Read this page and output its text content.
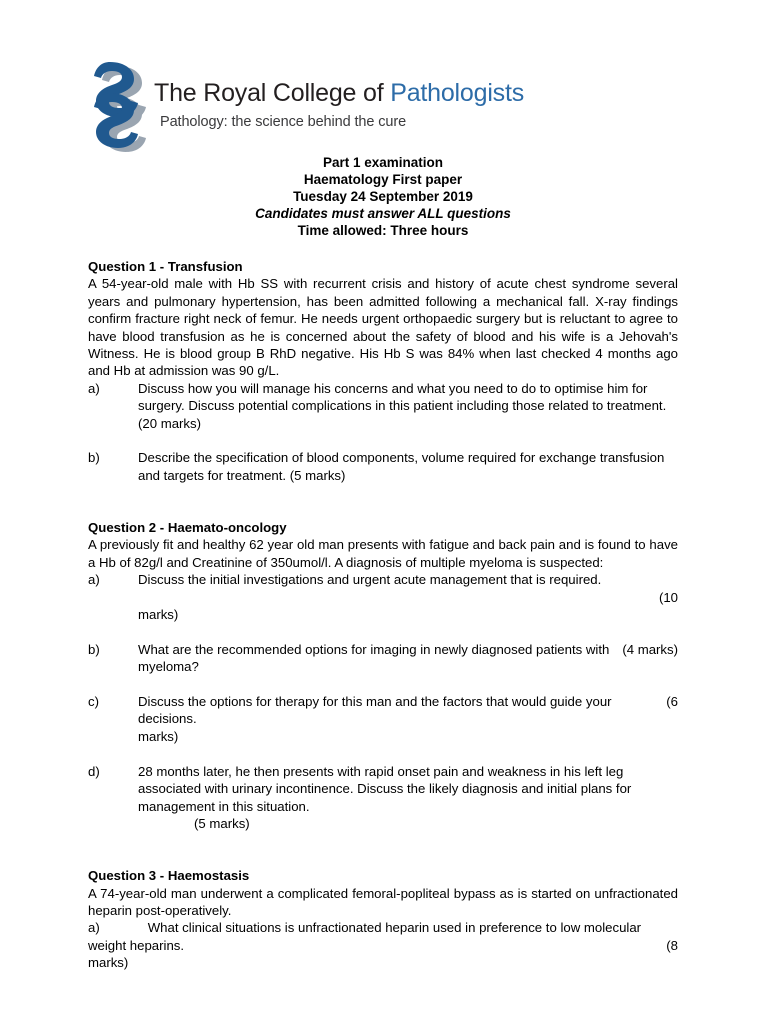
The Royal College of Pathologists
Pathology: the science behind the cure
Part 1 examination
Haematology First paper
Tuesday 24 September 2019
Candidates must answer ALL questions
Time allowed: Three hours
Question 1 - Transfusion
A 54-year-old male with Hb SS with recurrent crisis and history of acute chest syndrome several years and pulmonary hypertension, has been admitted following a mechanical fall. X-ray findings confirm fracture right neck of femur. He needs urgent orthopaedic surgery but is reluctant to agree to have blood transfusion as he is concerned about the safety of blood and his wife is a Jehovah's Witness. He is blood group B RhD negative. His Hb S was 84% when last checked 4 months ago and Hb at admission was 90 g/L.
a)	Discuss how you will manage his concerns and what you need to do to optimise him for surgery. Discuss potential complications in this patient including those related to treatment. (20 marks)
b)	Describe the specification of blood components, volume required for exchange transfusion and targets for treatment. (5 marks)
Question 2 - Haemato-oncology
A previously fit and healthy 62 year old man presents with fatigue and back pain and is found to have a Hb of 82g/l and Creatinine of 350umol/l. A diagnosis of multiple myeloma is suspected:
a)	Discuss the initial investigations and urgent acute management that is required.
(10
marks)
b)	(4 marks)
What are the recommended options for imaging in newly diagnosed patients with myeloma?
c)	(6
Discuss the options for therapy for this man and the factors that would guide your decisions.
marks)
d)	28 months later, he then presents with rapid onset pain and weakness in his left leg associated with urinary incontinence. Discuss the likely diagnosis and initial plans for management in this situation.
(5 marks)
Question 3 - Haemostasis
A 74-year-old man underwent a complicated femoral-popliteal bypass as is started on unfractionated heparin post-operatively.
a)	What clinical situations is unfractionated heparin used in preference to low molecular
(8
weight heparins.
marks)
